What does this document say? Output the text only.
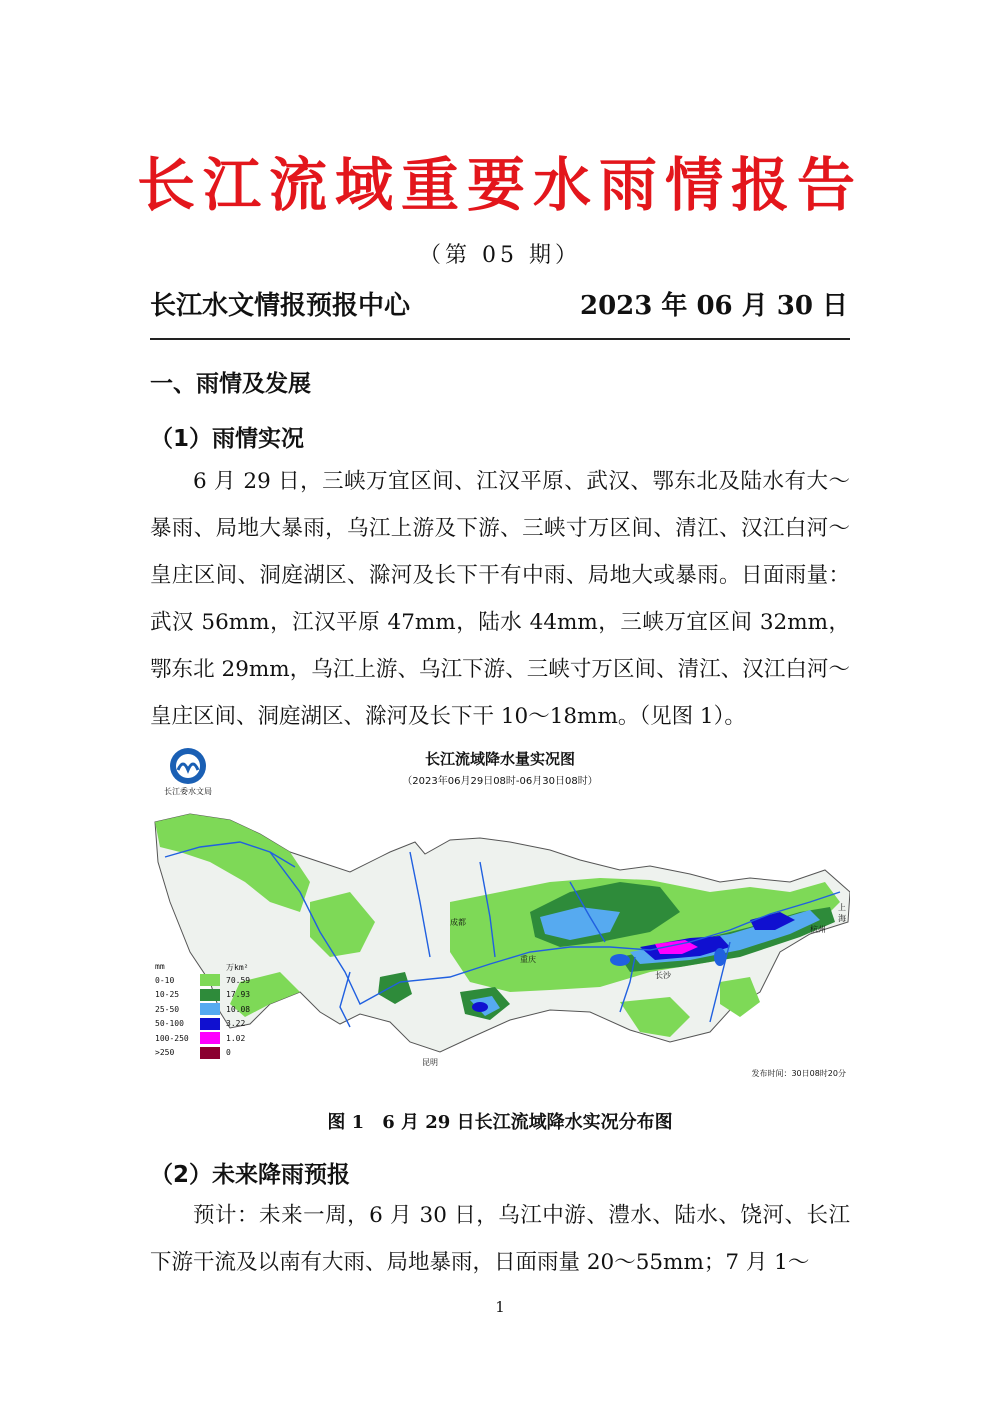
长江流域重要水雨情报告
（第 05 期）
长江水文情报预报中心	2023 年 06 月 30 日
一、雨情及发展
（1）雨情实况
6 月 29 日，三峡万宜区间、江汉平原、武汉、鄂东北及陆水有大～暴雨、局地大暴雨，乌江上游及下游、三峡寸万区间、清江、汉江白河～皇庄区间、洞庭湖区、滁河及长下干有中雨、局地大或暴雨。日面雨量：武汉 56mm，江汉平原 47mm，陆水 44mm，三峡万宜区间 32mm，鄂东北 29mm，乌江上游、乌江下游、三峡寸万区间、清江、汉江白河～皇庄区间、洞庭湖区、滁河及长下干 10～18mm。（见图 1）。
长江流域降水量实况图
（2023年06月29日08时-06月30日08时）
长江委水文局
成都
重庆
长沙
上海
杭州
昆明
mm	万km²
0-10	70.59
10-25	17.93
25-50	10.08
50-100	3.22
100-250	1.02
>250	0
发布时间：30日08时20分
图 1　6 月 29 日长江流域降水实况分布图
（2）未来降雨预报
预计：未来一周，6 月 30 日，乌江中游、澧水、陆水、饶河、长江下游干流及以南有大雨、局地暴雨，日面雨量 20～55mm；7 月 1～
1
